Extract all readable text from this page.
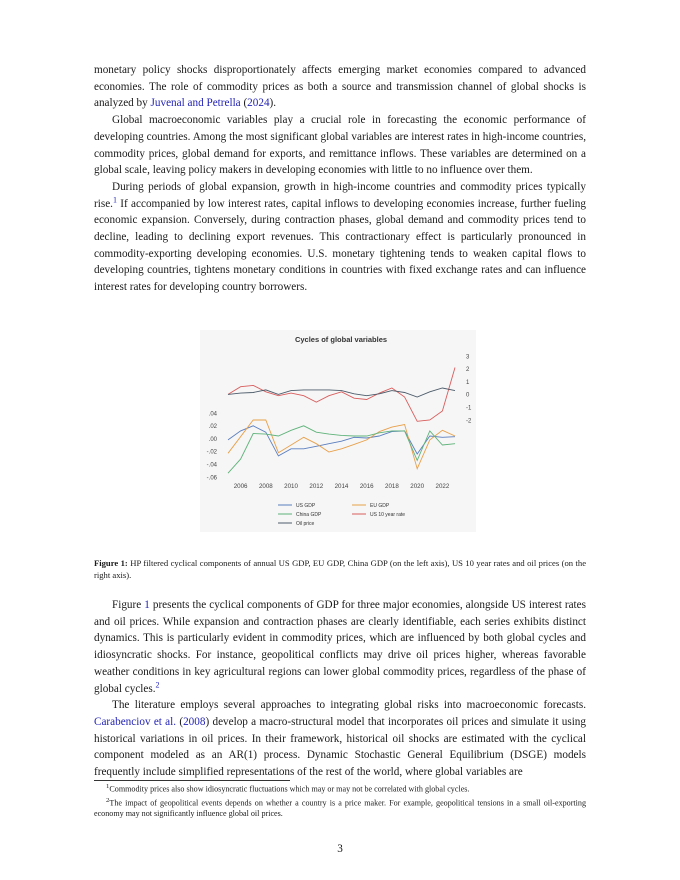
monetary policy shocks disproportionately affects emerging market economies compared to advanced economies. The role of commodity prices as both a source and transmission channel of global shocks is analyzed by Juvenal and Petrella (2024).

Global macroeconomic variables play a crucial role in forecasting the economic performance of developing countries. Among the most significant global variables are interest rates in high-income countries, commodity prices, global demand for exports, and remittance inflows. These variables are determined on a global scale, leaving policy makers in developing economies with little to no influence over them.

During periods of global expansion, growth in high-income countries and commodity prices typically rise.$^1$ If accompanied by low interest rates, capital inflows to developing economies increase, further fueling economic expansion. Conversely, during contraction phases, global demand and commodity prices tend to decline, leading to declining export revenues. This contractionary effect is particularly pronounced in commodity-exporting developing economies. U.S. monetary tightening tends to weaken capital flows to developing countries, tightens monetary conditions in countries with fixed exchange rates and can influence interest rates for developing country borrowers.

Cycles of global variables
.04
.02
.00
-.02
-.04
-.06
3
2
1
0
-1
-2
2006 2008 2010 2012 2014 2016 2018 2020 2022
US GDP	EU GDP
China GDP	US 10 year rate
Oil price
Figure 1: HP filtered cyclical components of annual US GDP, EU GDP, China GDP (on the left axis), US 10 year rates and oil prices (on the right axis).

Figure 1 presents the cyclical components of GDP for three major economies, alongside US interest rates and oil prices. While expansion and contraction phases are clearly identifiable, each series exhibits distinct dynamics. This is particularly evident in commodity prices, which are influenced by both global cycles and idiosyncratic shocks. For instance, geopolitical conflicts may drive oil prices higher, whereas favorable weather conditions in key agricultural regions can lower global commodity prices, regardless of the phase of global cycles.$^2$

The literature employs several approaches to integrating global risks into macroeconomic forecasts. Carabenciov et al. (2008) develop a macro-structural model that incorporates oil prices and simulate it using historical variations in oil prices. In their framework, historical oil shocks are estimated with the cyclical component modeled as an AR(1) process. Dynamic Stochastic General Equilibrium (DSGE) models frequently include simplified representations of the rest of the world, where global variables are

$^1$Commodity prices also show idiosyncratic fluctuations which may or may not be correlated with global cycles.

$^2$The impact of geopolitical events depends on whether a country is a price maker. For example, geopolitical tensions in a small oil-exporting economy may not significantly influence global oil prices.

3
